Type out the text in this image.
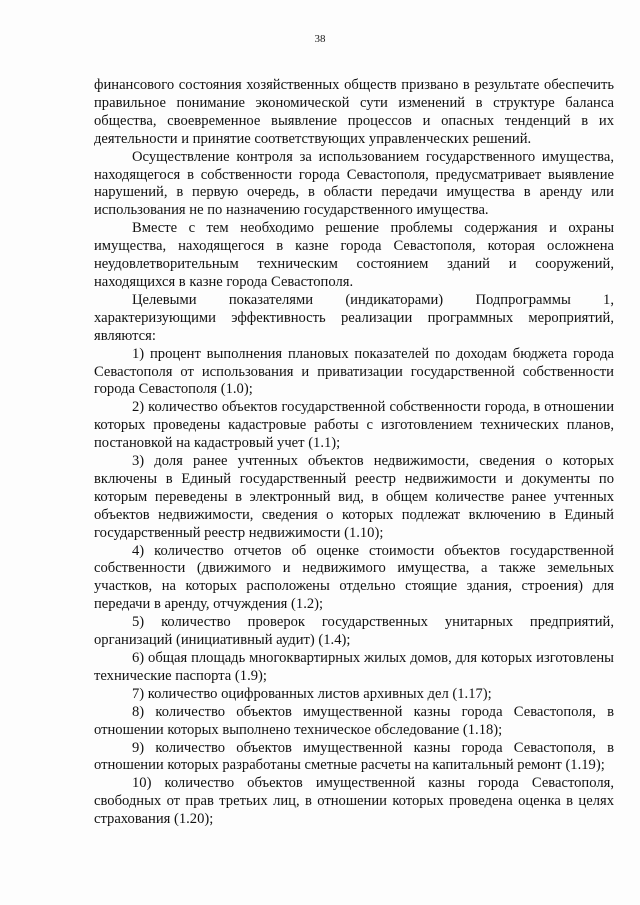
38

финансового состояния хозяйственных обществ призвано в результате обеспечить правильное понимание экономической сути изменений в структуре баланса общества, своевременное выявление процессов и опасных тенденций в их деятельности и принятие соответствующих управленческих решений.

Осуществление контроля за использованием государственного имущества, находящегося в собственности города Севастополя, предусматривает выявление нарушений, в первую очередь, в области передачи имущества в аренду или использования не по назначению государственного имущества.

Вместе с тем необходимо решение проблемы содержания и охраны имущества, находящегося в казне города Севастополя, которая осложнена неудовлетворительным техническим состоянием зданий и сооружений, находящихся в казне города Севастополя.

Целевыми показателями (индикаторами) Подпрограммы 1, характеризующими эффективность реализации программных мероприятий, являются:

1) процент выполнения плановых показателей по доходам бюджета города Севастополя от использования и приватизации государственной собственности города Севастополя (1.0);

2) количество объектов государственной собственности города, в отношении которых проведены кадастровые работы с изготовлением технических планов, постановкой на кадастровый учет (1.1);

3) доля ранее учтенных объектов недвижимости, сведения о которых включены в Единый государственный реестр недвижимости и документы по которым переведены в электронный вид, в общем количестве ранее учтенных объектов недвижимости, сведения о которых подлежат включению в Единый государственный реестр недвижимости (1.10);

4) количество отчетов об оценке стоимости объектов государственной собственности (движимого и недвижимого имущества, а также земельных участков, на которых расположены отдельно стоящие здания, строения) для передачи в аренду, отчуждения (1.2);

5) количество проверок государственных унитарных предприятий, организаций (инициативный аудит) (1.4);

6) общая площадь многоквартирных жилых домов, для которых изготовлены технические паспорта (1.9);

7) количество оцифрованных листов архивных дел (1.17);

8) количество объектов имущественной казны города Севастополя, в отношении которых выполнено техническое обследование (1.18);

9) количество объектов имущественной казны города Севастополя, в отношении которых разработаны сметные расчеты на капитальный ремонт (1.19);

10) количество объектов имущественной казны города Севастополя, свободных от прав третьих лиц, в отношении которых проведена оценка в целях страхования (1.20);
